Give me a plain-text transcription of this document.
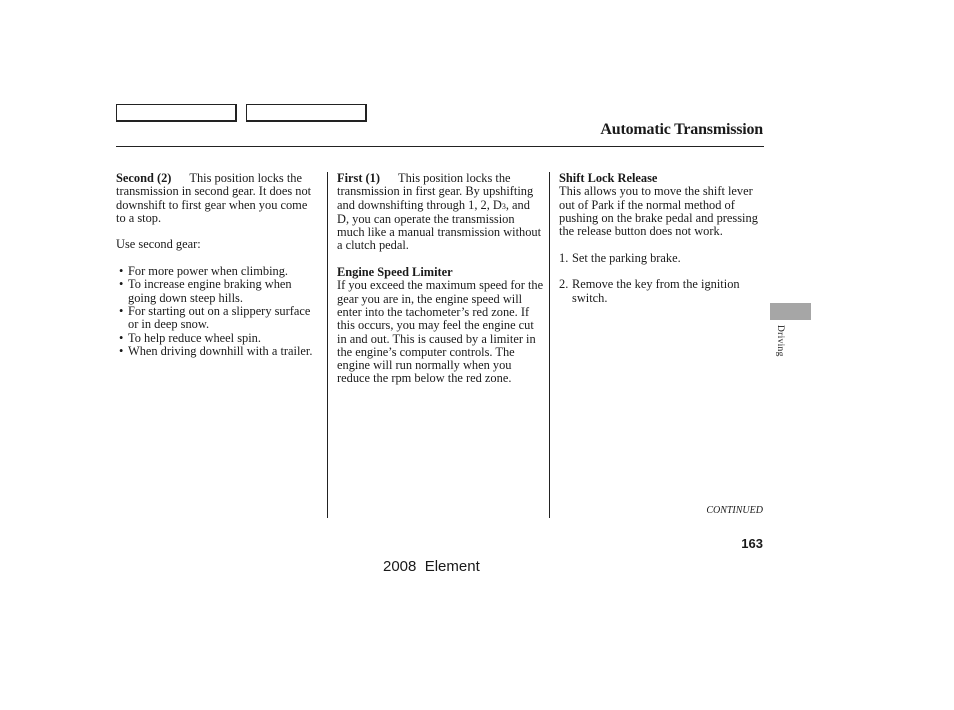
Automatic Transmission

Second (2) This position locks the transmission in second gear. It does not downshift to first gear when you come to a stop.

Use second gear:

• For more power when climbing.
• To increase engine braking when going down steep hills.
• For starting out on a slippery surface or in deep snow.
• To help reduce wheel spin.
• When driving downhill with a trailer.

First (1) This position locks the transmission in first gear. By upshifting and downshifting through 1, 2, D3, and D, you can operate the transmission much like a manual transmission without a clutch pedal.

Engine Speed Limiter

If you exceed the maximum speed for the gear you are in, the engine speed will enter into the tachometer’s red zone. If this occurs, you may feel the engine cut in and out. This is caused by a limiter in the engine’s computer controls. The engine will run normally when you reduce the rpm below the red zone.

Shift Lock Release

This allows you to move the shift lever out of Park if the normal method of pushing on the brake pedal and pressing the release button does not work.

1. Set the parking brake.
2. Remove the key from the ignition switch.
Driving
CONTINUED
163
2008  Element
